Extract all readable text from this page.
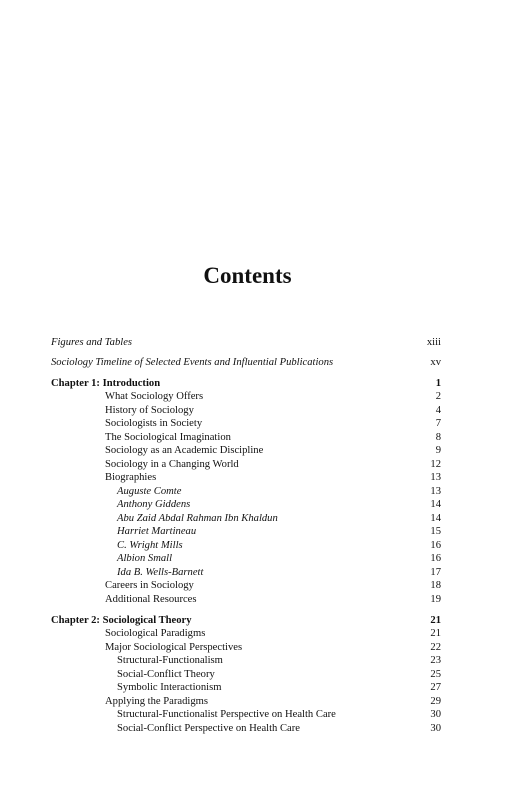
Contents
Figures and Tables	xiii
Sociology Timeline of Selected Events and Influential Publications	xv
Chapter 1: Introduction	1
What Sociology Offers	2
History of Sociology	4
Sociologists in Society	7
The Sociological Imagination	8
Sociology as an Academic Discipline	9
Sociology in a Changing World	12
Biographies	13
Auguste Comte	13
Anthony Giddens	14
Abu Zaid Abdal Rahman Ibn Khaldun	14
Harriet Martineau	15
C. Wright Mills	16
Albion Small	16
Ida B. Wells-Barnett	17
Careers in Sociology	18
Additional Resources	19
Chapter 2: Sociological Theory	21
Sociological Paradigms	21
Major Sociological Perspectives	22
Structural-Functionalism	23
Social-Conflict Theory	25
Symbolic Interactionism	27
Applying the Paradigms	29
Structural-Functionalist Perspective on Health Care	30
Social-Conflict Perspective on Health Care	30
